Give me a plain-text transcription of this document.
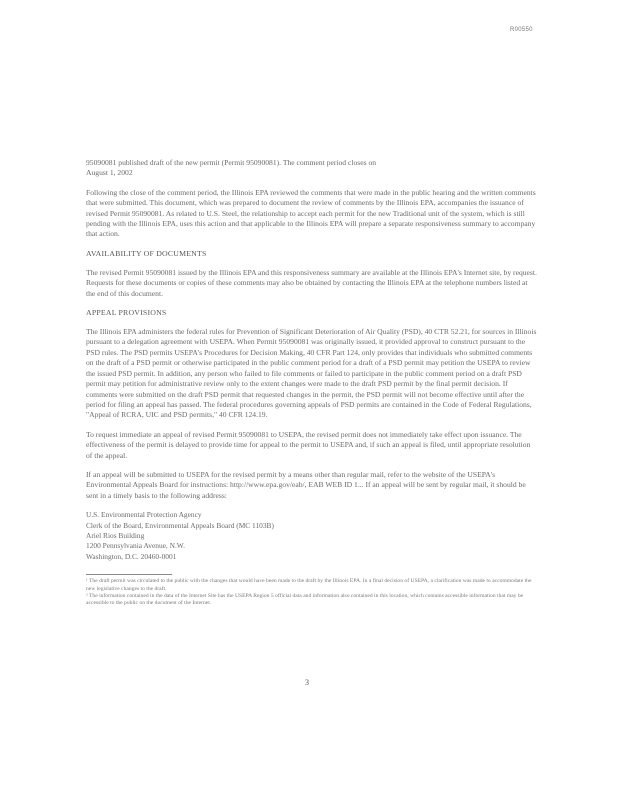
R00550

95090081 published draft of the new permit (Permit 95090081). The comment period closes on
August 1, 2002

Following the close of the comment period, the Illinois EPA reviewed the comments that were made in the public hearing and the written comments that were submitted. This document, which was prepared to document the review of comments by the Illinois EPA, accompanies the issuance of revised Permit 95090081. As related to U.S. Steel, the relationship to accept each permit for the new Traditional unit of the system, which is still pending with the Illinois EPA, uses this action and that applicable to the Illinois EPA will prepare a separate responsiveness summary to accompany that action.

AVAILABILITY OF DOCUMENTS

The revised Permit 95090081 issued by the Illinois EPA and this responsiveness summary are available at the Illinois EPA's Internet site, by request. Requests for these documents or copies of these comments may also be obtained by contacting the Illinois EPA at the telephone numbers listed at the end of this document.

APPEAL PROVISIONS

The Illinois EPA administers the federal rules for Prevention of Significant Deterioration of Air Quality (PSD), 40 CTR 52.21, for sources in Illinois pursuant to a delegation agreement with USEPA. When Permit 95090081 was originally issued, it provided approval to construct pursuant to the PSD rules. The PSD permits USEPA's Procedures for Decision Making, 40 CFR Part 124, only provides that individuals who submitted comments on the draft of a PSD permit or otherwise participated in the public comment period for a draft of a PSD permit may petition the USEPA to review the issued PSD permit. In addition, any person who failed to file comments or failed to participate in the public comment period on a draft PSD permit may petition for administrative review only to the extent changes were made to the draft PSD permit by the final permit decision. If comments were submitted on the draft PSD permit that requested changes in the permit, the PSD permit will not become effective until after the period for filing an appeal has passed. The federal procedures governing appeals of PSD permits are contained in the Code of Federal Regulations, "Appeal of RCRA, UIC and PSD permits," 40 CFR 124.19.

To request immediate an appeal of revised Permit 95090081 to USEPA, the revised permit does not immediately take effect upon issuance. The effectiveness of the permit is delayed to provide time for appeal to the permit to USEPA and, if such an appeal is filed, until appropriate resolution of the appeal.

If an appeal will be submitted to USEPA for the revised permit by a means other than regular mail, refer to the website of the USEPA's Environmental Appeals Board for instructions: http://www.epa.gov/eab/, EAB WEB ID 1... If an appeal will be sent by regular mail, it should be sent in a timely basis to the following address:

U.S. Environmental Protection Agency
Clerk of the Board, Environmental Appeals Board (MC 1103B)
Ariel Rios Building
1200 Pennsylvania Avenue, N.W.
Washington, D.C. 20460-0001

¹ The draft permit was circulated to the public with the changes that would have been made to the draft by the Illinois EPA. In a final decision of USEPA, a clarification was made to accommodate the new legislative changes to the draft.

² The information contained in the data of the Internet Site has the USEPA Region 5 official data and information also contained in this location, which contains accessible information that may be accessible to the public on the document of the Internet.

3
